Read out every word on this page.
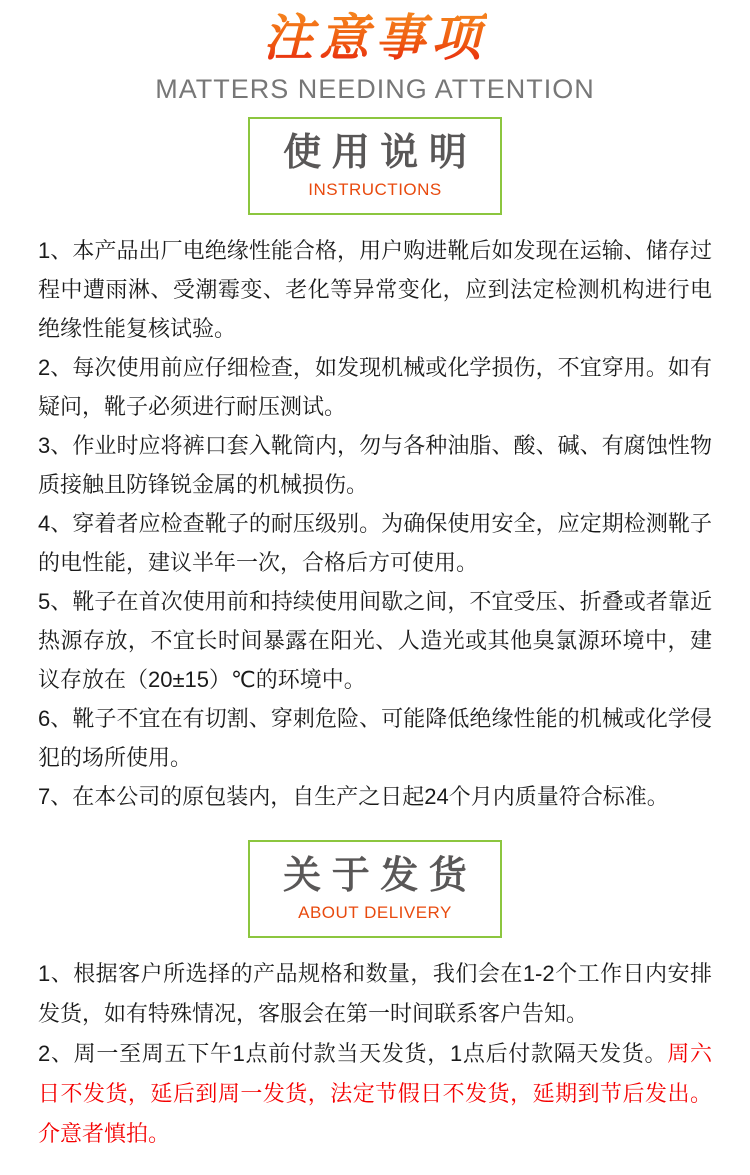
注意事项
MATTERS NEEDING ATTENTION
使 用 说 明
INSTRUCTIONS

1、本产品出厂电绝缘性能合格，用户购进靴后如发现在运输、储存过程中遭雨淋、受潮霉变、老化等异常变化，应到法定检测机构进行电绝缘性能复核试验。

2、每次使用前应仔细检查，如发现机械或化学损伤，不宜穿用。如有疑问，靴子必须进行耐压测试。

3、作业时应将裤口套入靴筒内，勿与各种油脂、酸、碱、有腐蚀性物质接触且防锋锐金属的机械损伤。

4、穿着者应检查靴子的耐压级别。为确保使用安全，应定期检测靴子的电性能，建议半年一次，合格后方可使用。

5、靴子在首次使用前和持续使用间歇之间，不宜受压、折叠或者靠近热源存放，不宜长时间暴露在阳光、人造光或其他臭氯源环境中，建议存放在（20±15）℃的环境中。

6、靴子不宜在有切割、穿刺危险、可能降低绝缘性能的机械或化学侵犯的场所使用。

7、在本公司的原包装内，自生产之日起24个月内质量符合标准。

关 于 发 货
ABOUT DELIVERY

1、根据客户所选择的产品规格和数量，我们会在1-2个工作日内安排发货，如有特殊情况，客服会在第一时间联系客户告知。

2、周一至周五下午1点前付款当天发货，1点后付款隔天发货。周六日不发货，延后到周一发货，法定节假日不发货，延期到节后发出。介意者慎拍。
